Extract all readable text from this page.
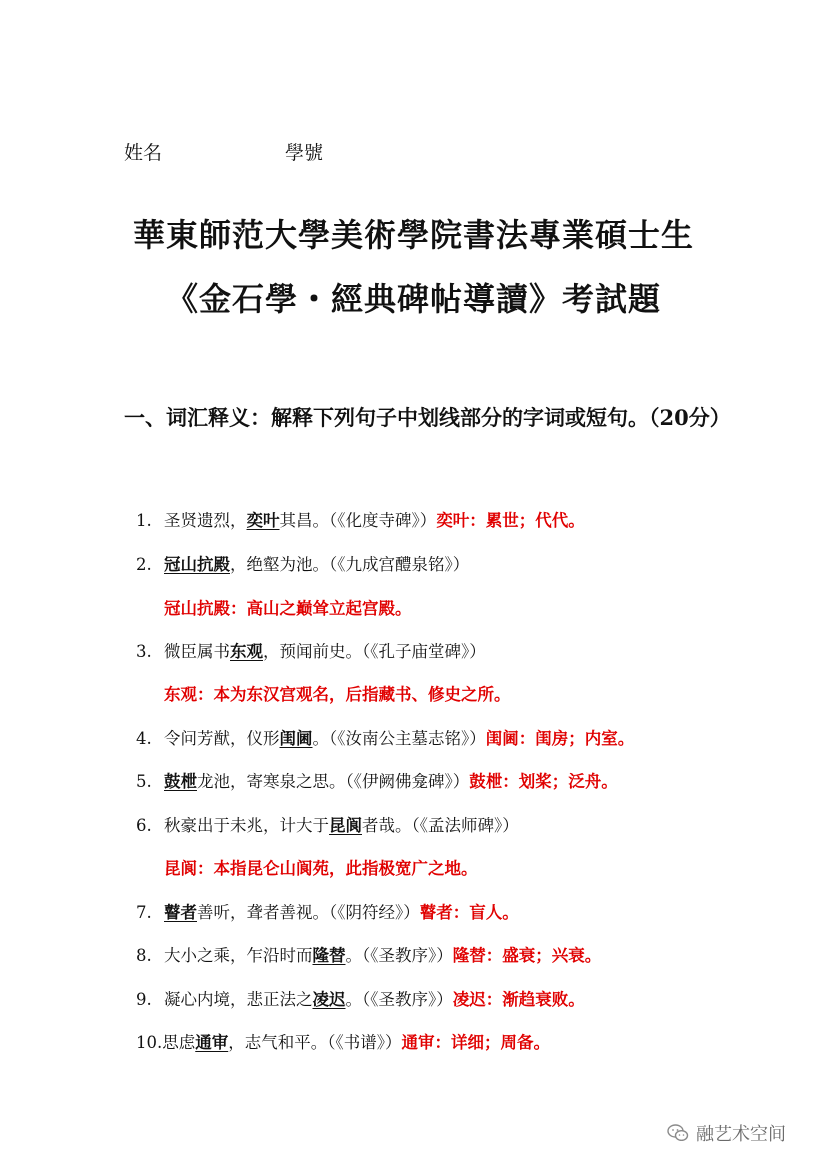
姓名	學號
華東師范大學美術學院書法專業碩士生
《金石學・經典碑帖導讀》考試題
一、词汇释义：解释下列句子中划线部分的字词或短句。（20分）
1. 圣贤遗烈，奕叶其昌。（《化度寺碑》）奕叶：累世；代代。
2. 冠山抗殿，绝壑为池。（《九成宫醴泉铭》）
冠山抗殿：高山之巅耸立起宫殿。
3. 微臣属书东观，预闻前史。（《孔子庙堂碑》）
东观：本为东汉宫观名，后指藏书、修史之所。
4. 令问芳猷，仪形闺阃。（《汝南公主墓志铭》）闺阃：闺房；内室。
5. 鼓枻龙池，寄寒泉之思。（《伊阙佛龛碑》）鼓枻：划桨；泛舟。
6. 秋豪出于未兆，计大于昆阆者哉。（《孟法师碑》）
昆阆：本指昆仑山阆苑，此指极宽广之地。
7. 瞽者善听，聋者善视。（《阴符经》）瞽者：盲人。
8. 大小之乘，乍沿时而隆替。（《圣教序》）隆替：盛衰；兴衰。
9. 凝心内境，悲正法之凌迟。（《圣教序》）凌迟：渐趋衰败。
10.思虑通审，志气和平。（《书谱》）通审：详细；周备。
融艺术空间
